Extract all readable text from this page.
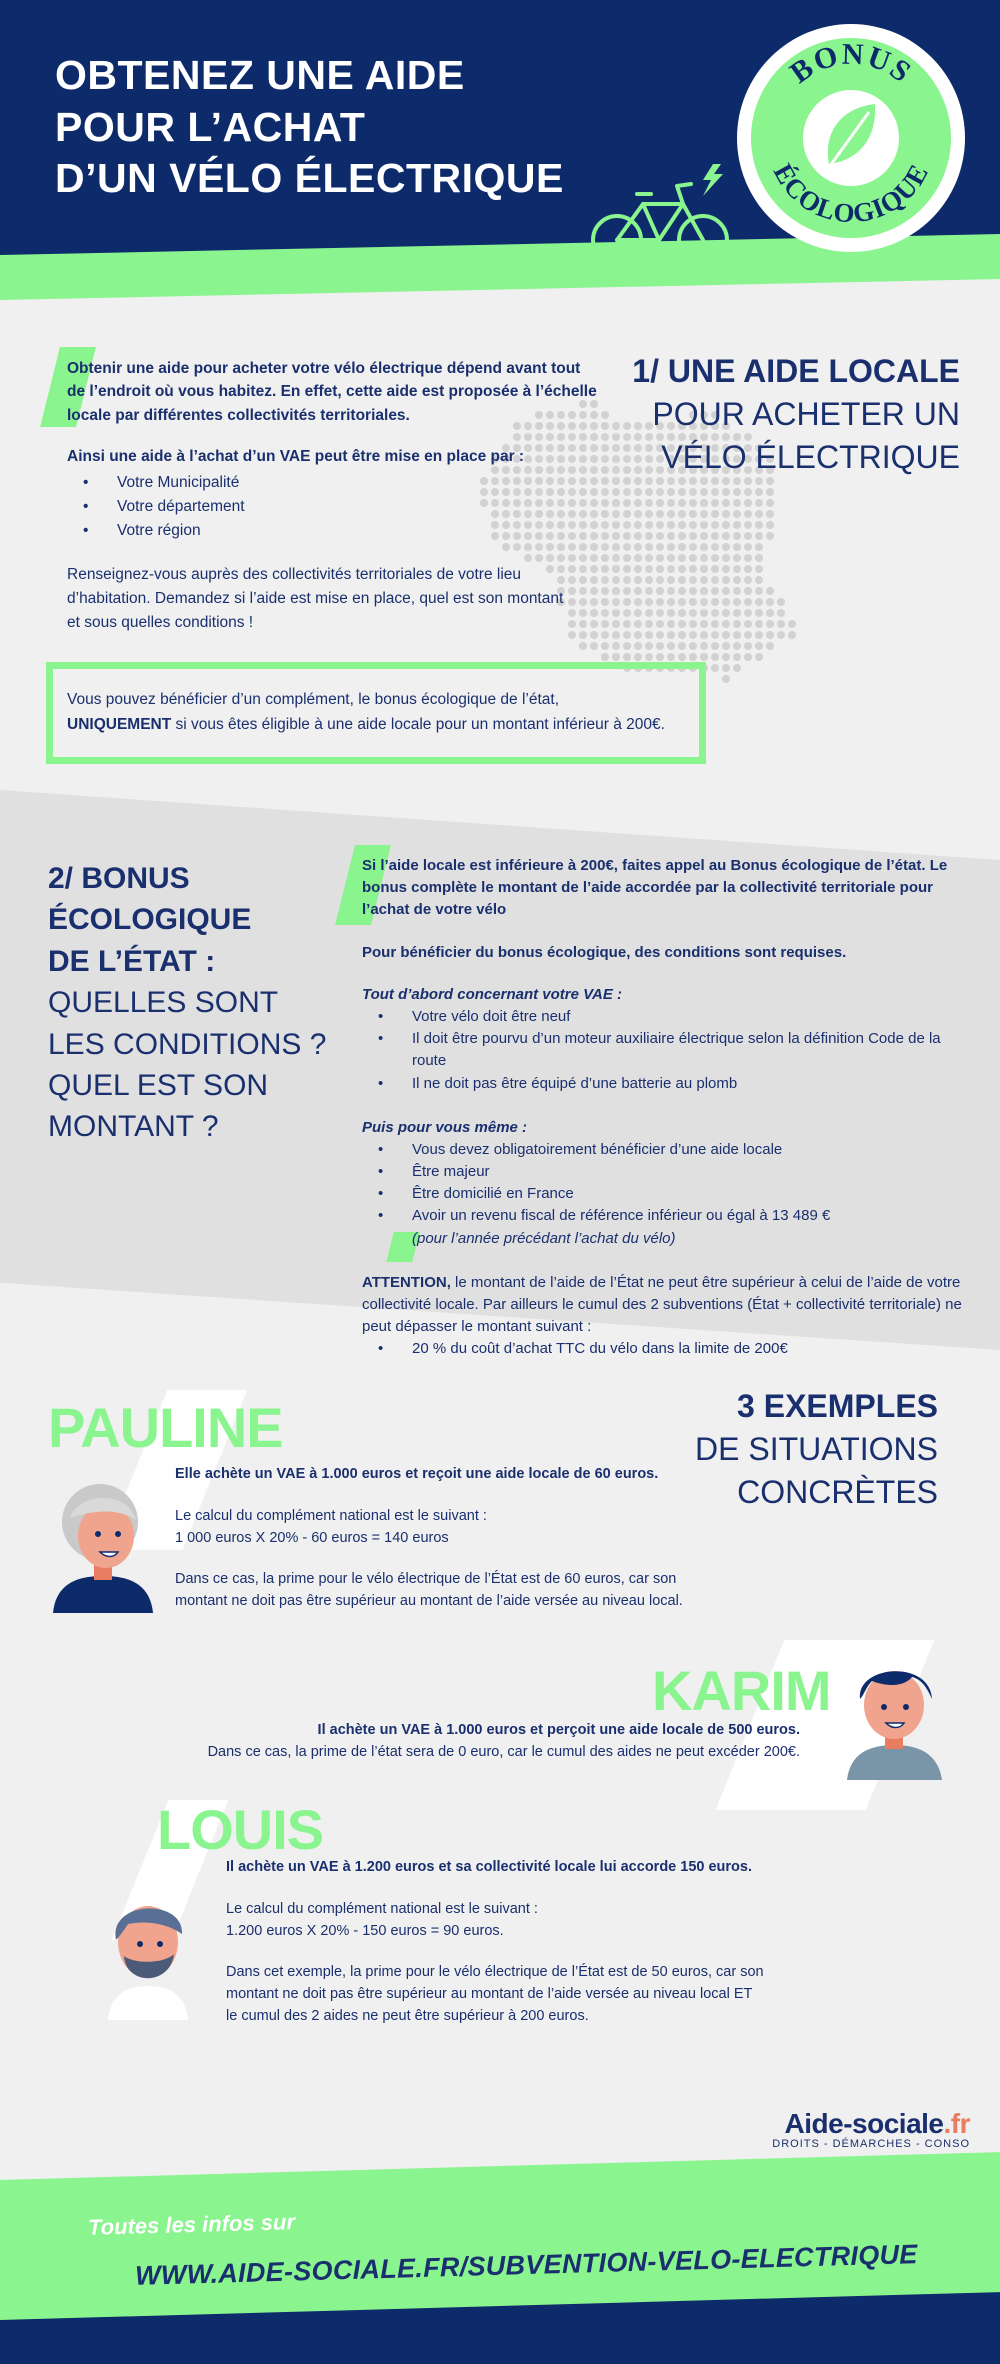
OBTENEZ UNE AIDE
POUR L’ACHAT
D’UN VÉLO ÉLECTRIQUE
BONUS
ÉCOLOGIQUE

Obtenir une aide pour acheter votre vélo électrique dépend avant tout de l’endroit où vous habitez. En effet, cette aide est proposée à l’échelle locale par différentes collectivités territoriales.

Ainsi une aide à l’achat d’un VAE peut être mise en place par :

• Votre Municipalité
• Votre département
• Votre région

Renseignez-vous auprès des collectivités territoriales de votre lieu d’habitation. Demandez si l’aide est mise en place, quel est son montant et sous quelles conditions !

1/ UNE AIDE LOCALE
POUR ACHETER UN
VÉLO ÉLECTRIQUE

Vous pouvez bénéficier d’un complément, le bonus écologique de l’état,
UNIQUEMENT si vous êtes éligible à une aide locale pour un montant inférieur à 200€.

2/ BONUS
ÉCOLOGIQUE
DE L’ÉTAT :
QUELLES SONT
LES CONDITIONS ?
QUEL EST SON
MONTANT ?

Si l’aide locale est inférieure à 200€, faites appel au Bonus écologique de l’état. Le bonus complète le montant de l’aide accordée par la collectivité territoriale pour l’achat de votre vélo

Pour bénéficier du bonus écologique, des conditions sont requises.

Tout d’abord concernant votre VAE :
• Votre vélo doit être neuf
• Il doit être pourvu d’un moteur auxiliaire électrique selon la définition Code de la route
• Il ne doit pas être équipé d’une batterie au plomb
Puis pour vous même :
• Vous devez obligatoirement bénéficier d’une aide locale
• Être majeur
• Être domicilié en France
• Avoir un revenu fiscal de référence inférieur ou égal à 13 489 €
(pour l’année précédant l’achat du vélo)
ATTENTION, le montant de l’aide de l’État ne peut être supérieur à celui de l’aide de votre collectivité locale. Par ailleurs le cumul des 2 subventions (État + collectivité territoriale) ne peut dépasser le montant suivant :
• 20 % du coût d’achat TTC du vélo dans la limite de 200€
3 EXEMPLES
DE SITUATIONS
CONCRÈTES
PAULINE

Elle achète un VAE à 1.000 euros et reçoit une aide locale de 60 euros.

Le calcul du complément national est le suivant :
1 000 euros X 20% - 60 euros = 140 euros

Dans ce cas, la prime pour le vélo électrique de l’État est de 60 euros, car son montant ne doit pas être supérieur au montant de l’aide versée au niveau local.

KARIM

Il achète un VAE à 1.000 euros et perçoit une aide locale de 500 euros.

Dans ce cas, la prime de l’état sera de 0 euro, car le cumul des aides ne peut excéder 200€.

LOUIS

Il achète un VAE à 1.200 euros et sa collectivité locale lui accorde 150 euros.

Le calcul du complément national est le suivant :
1.200 euros X 20% - 150 euros = 90 euros.

Dans cet exemple, la prime pour le vélo électrique de l’État est de 50 euros, car son montant ne doit pas être supérieur au montant de l’aide versée au niveau local ET le cumul des 2 aides ne peut être supérieur à 200 euros.

Aide-sociale.fr
DROITS - DÉMARCHES - CONSO
Toutes les infos sur
WWW.AIDE-SOCIALE.FR/SUBVENTION-VELO-ELECTRIQUE
